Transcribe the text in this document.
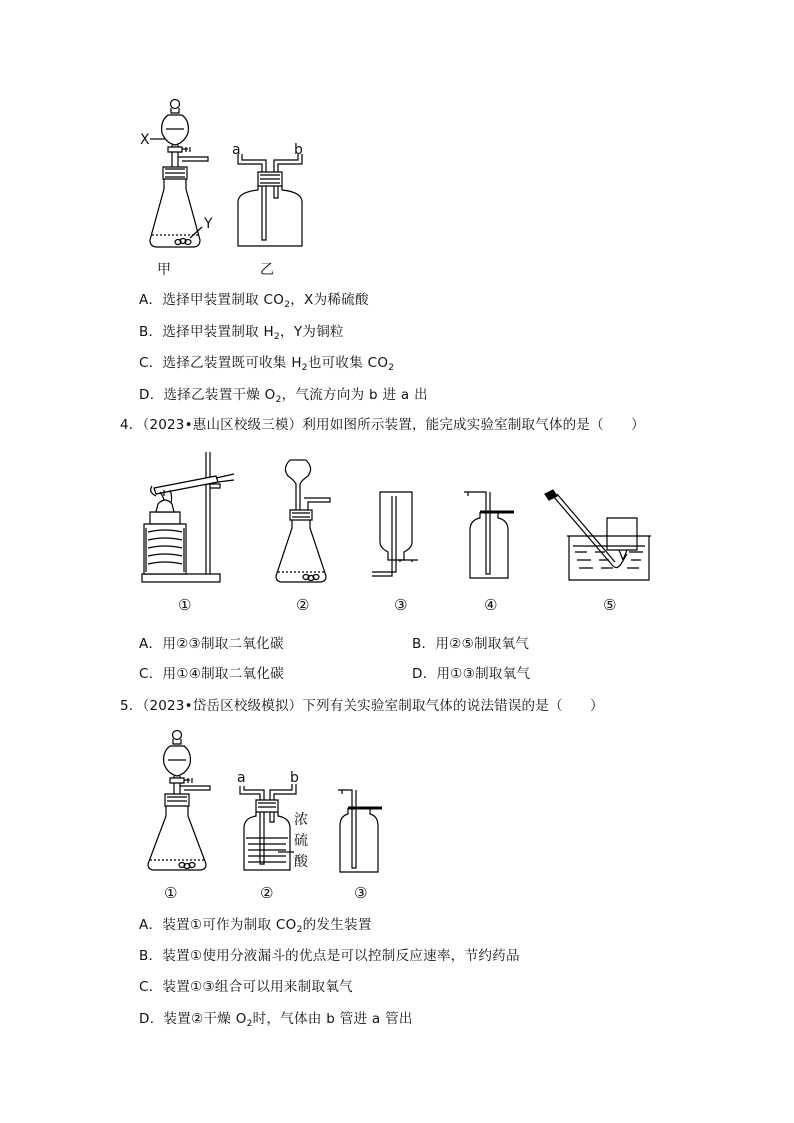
X
Y
甲
a	b
乙
A．选择甲装置制取 $CO_2$，X为稀硫酸
B．选择甲装置制取 $H_2$，Y为铜粒
C．选择乙装置既可收集 $H_2$也可收集 $CO_2$
D．选择乙装置干燥 $O_2$，气流方向为 b 进 a 出
4．（2023•惠山区校级三模）利用如图所示装置，能完成实验室制取气体的是（　　）
①	②	③	④	⑤
A．用②③制取二氧化碳	B．用②⑤制取氧气
C．用①④制取二氧化碳	D．用①③制取氧气
5．（2023•岱岳区校级模拟）下列有关实验室制取气体的说法错误的是（　　）
①
a	b
浓
硫
酸
②	③
A．装置①可作为制取 $CO_2$的发生装置
B．装置①使用分液漏斗的优点是可以控制反应速率，节约药品
C．装置①③组合可以用来制取氧气
D．装置②干燥 $O_2$时，气体由 b 管进 a 管出
